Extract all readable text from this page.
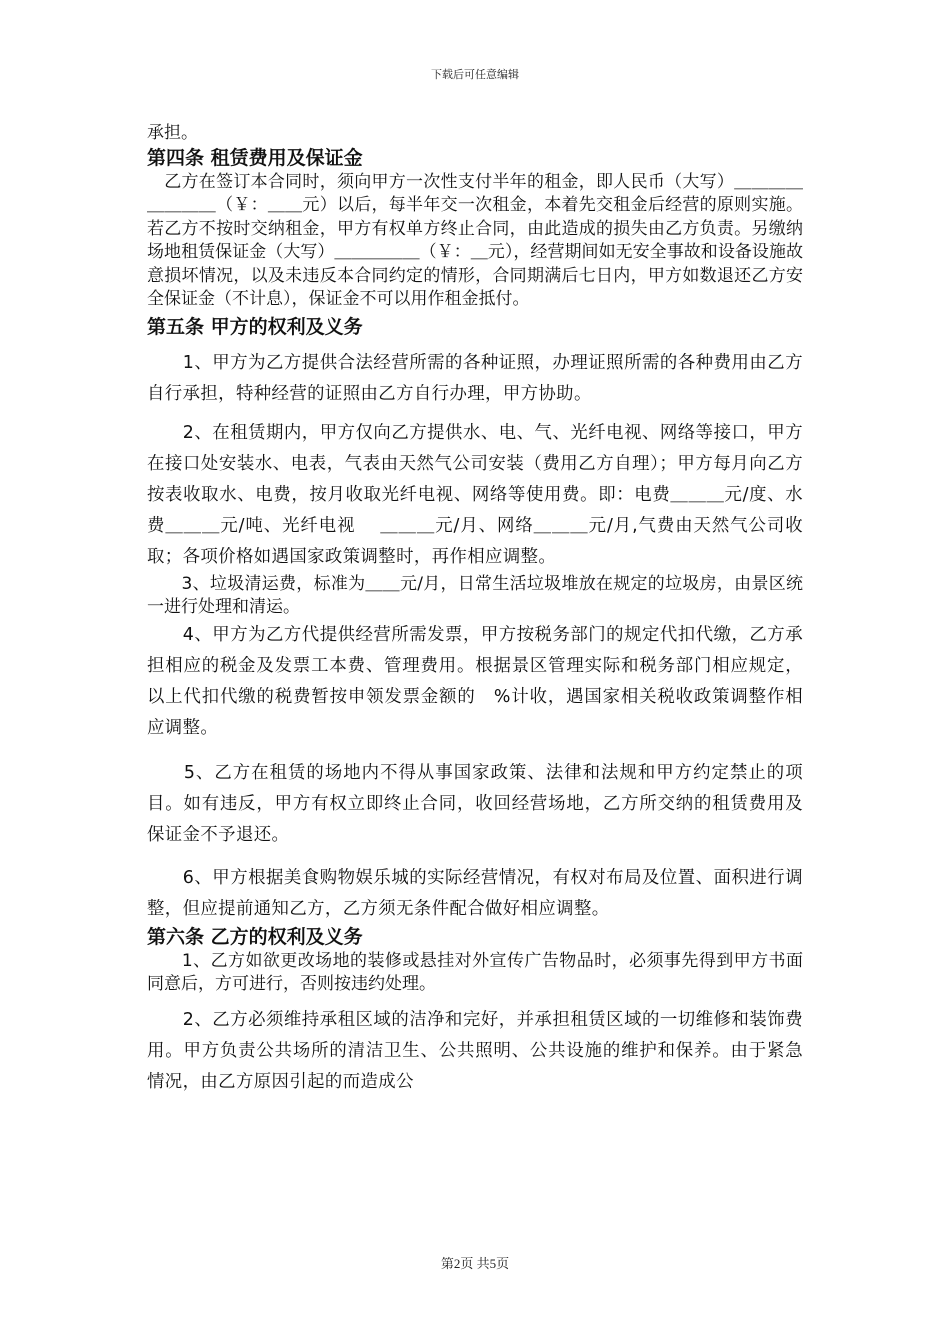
下载后可任意编辑

承担。

第四条 租赁费用及保证金

　乙方在签订本合同时，须向甲方一次性支付半年的租金，即人民币（大写）＿＿＿＿＿＿＿＿（￥：＿＿元）以后，每半年交一次租金，本着先交租金后经营的原则实施。若乙方不按时交纳租金，甲方有权单方终止合同，由此造成的损失由乙方负责。另缴纳场地租赁保证金（大写）＿＿＿＿＿（￥：＿元），经营期间如无安全事故和设备设施故意损坏情况，以及未违反本合同约定的情形，合同期满后七日内，甲方如数退还乙方安全保证金（不计息），保证金不可以用作租金抵付。

第五条 甲方的权利及义务

　　1、甲方为乙方提供合法经营所需的各种证照，办理证照所需的各种费用由乙方自行承担，特种经营的证照由乙方自行办理，甲方协助。

　　2、在租赁期内，甲方仅向乙方提供水、电、气、光纤电视、网络等接口，甲方在接口处安装水、电表，气表由天然气公司安装（费用乙方自理）；甲方每月向乙方按表收取水、电费，按月收取光纤电视、网络等使用费。即：电费＿＿＿元/度、水费＿＿＿元/吨、光纤电视　 ＿＿＿元/月、网络＿＿＿元/月,气费由天然气公司收取；各项价格如遇国家政策调整时，再作相应调整。

　　3、垃圾清运费，标准为＿＿元/月，日常生活垃圾堆放在规定的垃圾房，由景区统一进行处理和清运。

　　4、甲方为乙方代提供经营所需发票，甲方按税务部门的规定代扣代缴，乙方承担相应的税金及发票工本费、管理费用。根据景区管理实际和税务部门相应规定，以上代扣代缴的税费暂按申领发票金额的　%计收，遇国家相关税收政策调整作相应调整。

　　5、乙方在租赁的场地内不得从事国家政策、法律和法规和甲方约定禁止的项目。如有违反，甲方有权立即终止合同，收回经营场地，乙方所交纳的租赁费用及保证金不予退还。

　　6、甲方根据美食购物娱乐城的实际经营情况，有权对布局及位置、面积进行调整，但应提前通知乙方，乙方须无条件配合做好相应调整。

第六条 乙方的权利及义务

　　1、乙方如欲更改场地的装修或悬挂对外宣传广告物品时，必须事先得到甲方书面同意后，方可进行，否则按违约处理。

　　2、乙方必须维持承租区域的洁净和完好，并承担租赁区域的一切维修和装饰费用。甲方负责公共场所的清洁卫生、公共照明、公共设施的维护和保养。由于紧急情况，由乙方原因引起的而造成公

第2页 共5页
